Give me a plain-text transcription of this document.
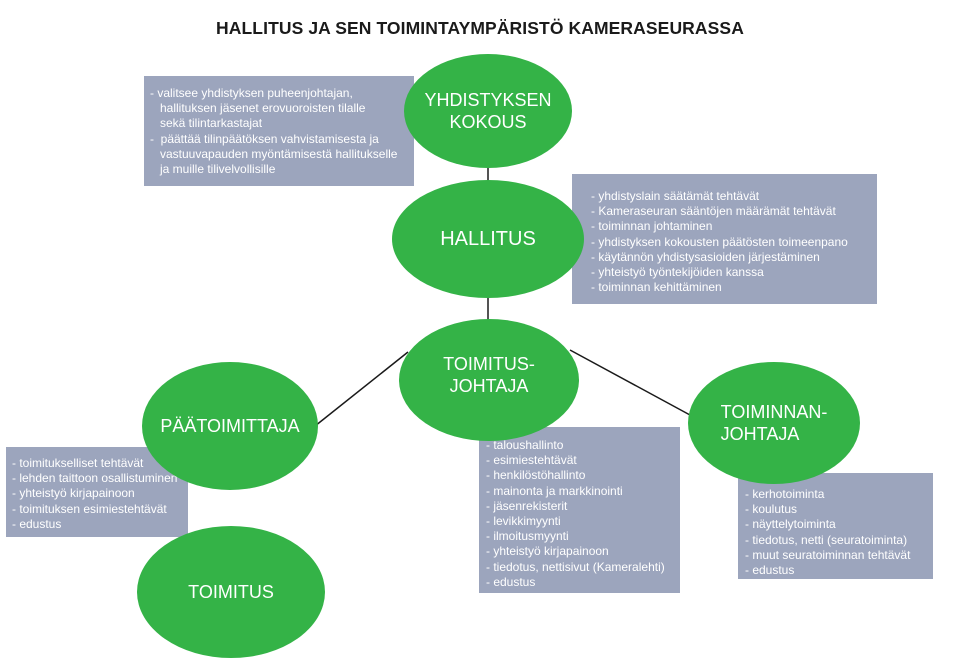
HALLITUS JA SEN TOIMINTAYMPÄRISTÖ KAMERASEURASSA
- valitsee yhdistyksen puheenjohtajan,
hallituksen jäsenet erovuoroisten tilalle
sekä tilintarkastajat
-  päättää tilinpäätöksen vahvistamisesta ja
vastuuvapauden myöntämisestä hallitukselle
ja muille tilivelvollisille
- yhdistyslain säätämät tehtävät
- Kameraseuran sääntöjen määrämät tehtävät
- toiminnan johtaminen
- yhdistyksen kokousten päätösten toimeenpano
- käytännön yhdistysasioiden järjestäminen
- yhteistyö työntekijöiden kanssa
- toiminnan kehittäminen
- toimitukselliset tehtävät
- lehden taittoon osallistuminen
- yhteistyö kirjapainoon
- toimituksen esimiestehtävät
- edustus
- taloushallinto
- esimiestehtävät
- henkilöstöhallinto
- mainonta ja markkinointi
- jäsenrekisterit
- levikkimyynti
- ilmoitusmyynti
- yhteistyö kirjapainoon
- tiedotus, nettisivut (Kameralehti)
- edustus
- kerhotoiminta
- koulutus
- näyttelytoiminta
- tiedotus, netti (seuratoiminta)
- muut seuratoiminnan tehtävät
- edustus
YHDISTYKSEN
KOKOUS
HALLITUS
TOIMITUS-
JOHTAJA
PÄÄTOIMITTAJA
TOIMINNAN-
JOHTAJA
TOIMITUS
